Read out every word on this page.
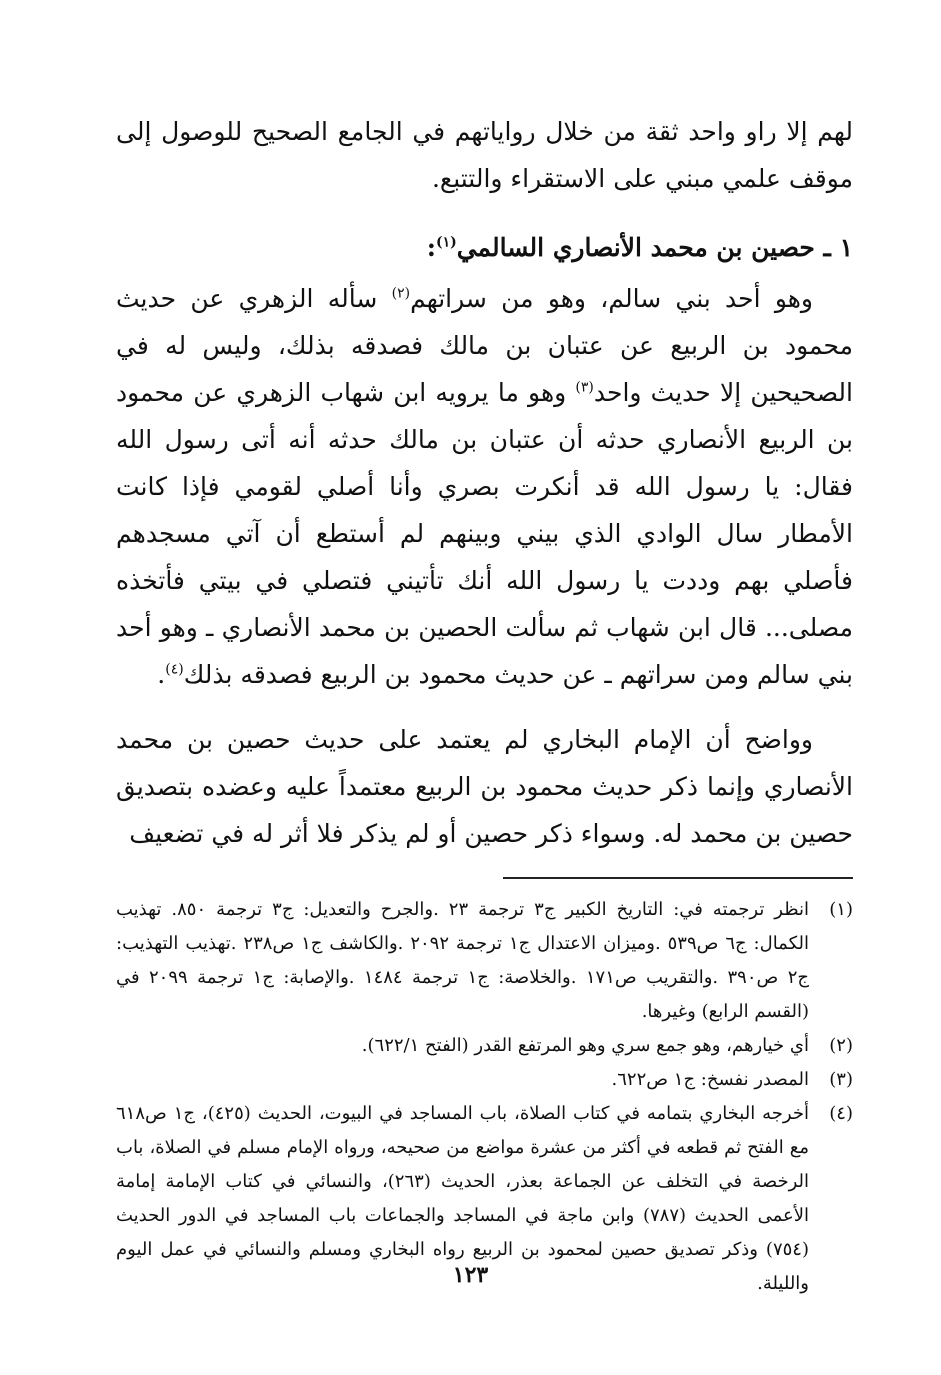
لهم إلا راو واحد ثقة من خلال رواياتهم في الجامع الصحيح للوصول إلى موقف علمي مبني على الاستقراء والتتبع.

١ ـ حصين بن محمد الأنصاري السالمي$^{(١)}$:

وهو أحد بني سالم، وهو من سراتهم$^{(٢)}$ سأله الزهري عن حديث محمود بن الربيع عن عتبان بن مالك فصدقه بذلك، وليس له في الصحيحين إلا حديث واحد$^{(٣)}$ وهو ما يرويه ابن شهاب الزهري عن محمود بن الربيع الأنصاري حدثه أن عتبان بن مالك حدثه أنه أتى رسول الله فقال: يا رسول الله قد أنكرت بصري وأنا أصلي لقومي فإذا كانت الأمطار سال الوادي الذي بيني وبينهم لم أستطع أن آتي مسجدهم فأصلي بهم وددت يا رسول الله أنك تأتيني فتصلي في بيتي فأتخذه مصلى... قال ابن شهاب ثم سألت الحصين بن محمد الأنصاري ـ وهو أحد بني سالم ومن سراتهم ـ عن حديث محمود بن الربيع فصدقه بذلك$^{(٤)}$.

وواضح أن الإمام البخاري لم يعتمد على حديث حصين بن محمد الأنصاري وإنما ذكر حديث محمود بن الربيع معتمداً عليه وعضده بتصديق حصين بن محمد له. وسواء ذكر حصين أو لم يذكر فلا أثر له في تضعيف

(١)
انظر ترجمته في: التاريخ الكبير ج٣ ترجمة ٢٣ .والجرح والتعديل: ج٣ ترجمة ٨٥٠. تهذيب الكمال: ج٦ ص٥٣٩ .وميزان الاعتدال ج١ ترجمة ٢٠٩٢ .والكاشف ج١ ص٢٣٨ .تهذيب التهذيب: ج٢ ص٣٩٠ .والتقريب ص١٧١ .والخلاصة: ج١ ترجمة ١٤٨٤ .والإصابة: ج١ ترجمة ٢٠٩٩ في (القسم الرابع) وغيرها.
(٢)
أي خيارهم، وهو جمع سري وهو المرتفع القدر (الفتح ٦٢٢/١).
(٣)
المصدر نفسخ: ج١ ص٦٢٢.
(٤)
أخرجه البخاري بتمامه في كتاب الصلاة، باب المساجد في البيوت، الحديث (٤٢٥)، ج١ ص٦١٨ مع الفتح ثم قطعه في أكثر من عشرة مواضع من صحيحه، ورواه الإمام مسلم في الصلاة، باب الرخصة في التخلف عن الجماعة بعذر، الحديث (٢٦٣)، والنسائي في كتاب الإمامة إمامة الأعمى الحديث (٧٨٧) وابن ماجة في المساجد والجماعات باب المساجد في الدور الحديث (٧٥٤) وذكر تصديق حصين لمحمود بن الربيع رواه البخاري ومسلم والنسائي في عمل اليوم والليلة.
١٢٣
